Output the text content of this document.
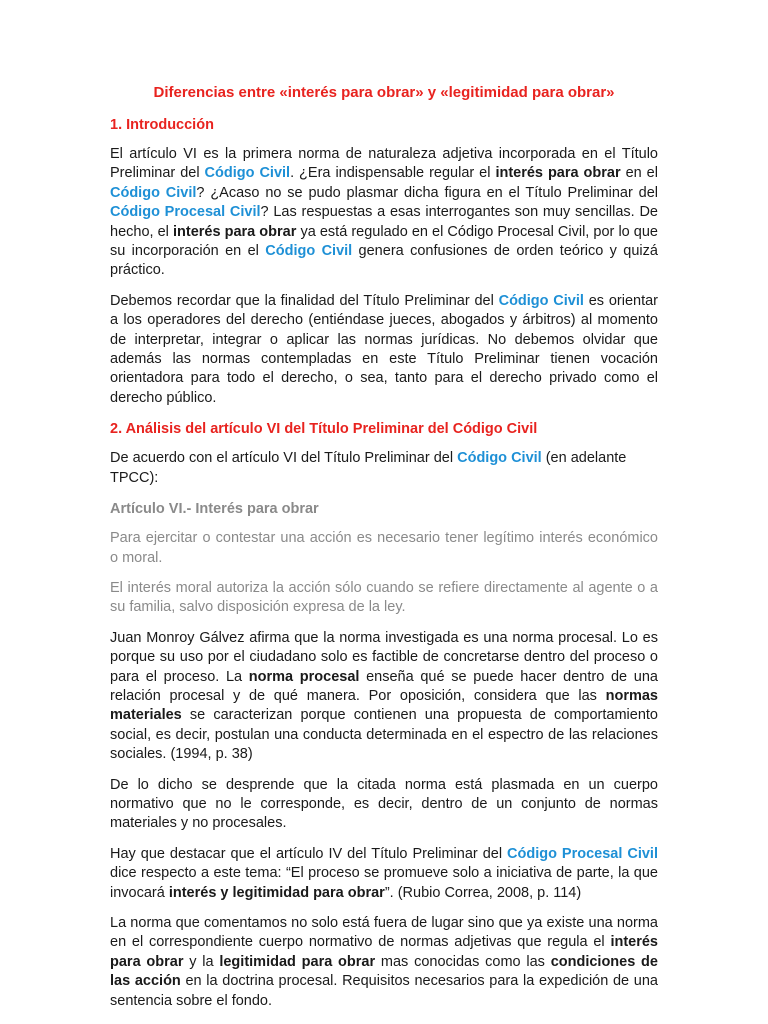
Diferencias entre «interés para obrar» y «legitimidad para obrar»
1. Introducción

El artículo VI es la primera norma de naturaleza adjetiva incorporada en el Título Preliminar del Código Civil. ¿Era indispensable regular el interés para obrar en el Código Civil? ¿Acaso no se pudo plasmar dicha figura en el Título Preliminar del Código Procesal Civil? Las respuestas a esas interrogantes son muy sencillas. De hecho, el interés para obrar ya está regulado en el Código Procesal Civil, por lo que su incorporación en el Código Civil genera confusiones de orden teórico y quizá práctico.

Debemos recordar que la finalidad del Título Preliminar del Código Civil es orientar a los operadores del derecho (entiéndase jueces, abogados y árbitros) al momento de interpretar, integrar o aplicar las normas jurídicas. No debemos olvidar que además las normas contempladas en este Título Preliminar tienen vocación orientadora para todo el derecho, o sea, tanto para el derecho privado como el derecho público.

2. Análisis del artículo VI del Título Preliminar del Código Civil

De acuerdo con el artículo VI del Título Preliminar del Código Civil (en adelante TPCC):

Artículo VI.- Interés para obrar

Para ejercitar o contestar una acción es necesario tener legítimo interés económico o moral.

El interés moral autoriza la acción sólo cuando se refiere directamente al agente o a su familia, salvo disposición expresa de la ley.

Juan Monroy Gálvez afirma que la norma investigada es una norma procesal. Lo es porque su uso por el ciudadano solo es factible de concretarse dentro del proceso o para el proceso. La norma procesal enseña qué se puede hacer dentro de una relación procesal y de qué manera. Por oposición, considera que las normas materiales se caracterizan porque contienen una propuesta de comportamiento social, es decir, postulan una conducta determinada en el espectro de las relaciones sociales. (1994, p. 38)

De lo dicho se desprende que la citada norma está plasmada en un cuerpo normativo que no le corresponde, es decir, dentro de un conjunto de normas materiales y no procesales.

Hay que destacar que el artículo IV del Título Preliminar del Código Procesal Civil dice respecto a este tema: “El proceso se promueve solo a iniciativa de parte, la que invocará interés y legitimidad para obrar”. (Rubio Correa, 2008, p. 114)

La norma que comentamos no solo está fuera de lugar sino que ya existe una norma en el correspondiente cuerpo normativo de normas adjetivas que regula el interés para obrar y la legitimidad para obrar mas conocidas como las condiciones de las acción en la doctrina procesal. Requisitos necesarios para la expedición de una sentencia sobre el fondo.
